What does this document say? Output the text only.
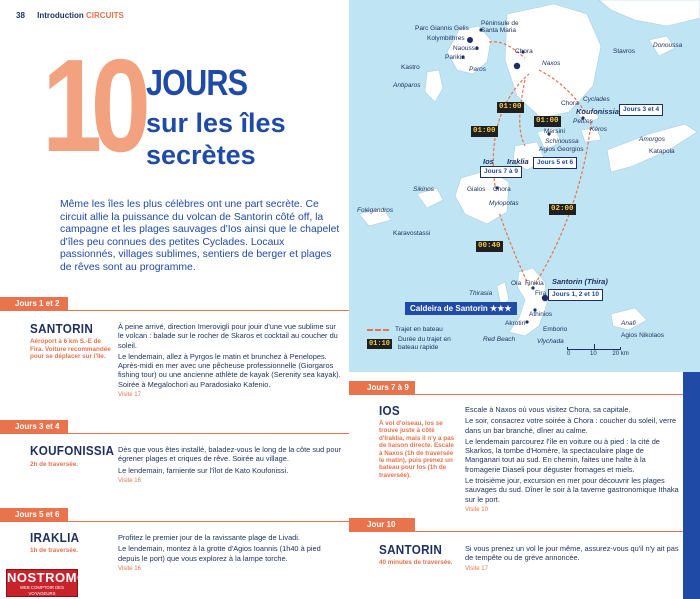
38 Introduction CIRCUITS
10 JOURS
sur les îles
secrètes

Même les îles les plus célèbres ont une part secrète. Ce circuit allie la puissance du volcan de Santorin côté off, la campagne et les plages sauvages d'Ios ainsi que le chapelet d'îles peu connues des petites Cyclades. Locaux passionnés, villages sublimes, sentiers de berger et plages de rêves sont au programme.

Jours 1 et 2
SANTORIN
Aéroport à 6 km S.-E de Fira. Voiture recommandée pour se déplacer sur l'île.

À peine arrivé, direction Imerovigli pour jouir d'une vue sublime sur le volcan : balade sur le rocher de Skaros et cocktail au coucher du soleil.

Le lendemain, allez à Pyrgos le matin et brunchez à Penelopes. Après-midi en mer avec une pêcheuse professionnelle (Giorgaros fishing tour) ou une ancienne athlète de kayak (Serenity sea kayak). Soirée à Megalochori au Paradosiako Kafenio.

Visite 17
Jours 3 et 4
KOUFONISSIA
2h de traversée.

Dès que vous êtes installé, baladez-vous le long de la côte sud pour égrener plages et criques de rêve. Soirée au village.

Le lendemain, farniente sur l'îlot de Kato Koufonissi.

Visite 16
Jours 5 et 6
IRAKLIA
1h de traversée.

Profitez le premier jour de la ravissante plage de Livadi.

Le lendemain, montez à la grotte d'Agios Ioannis (1h40 à pied depuis le port) que vous explorez à la lampe torche.

Visite 16
NOSTROMO
WEB COMPTOIR DES VOYAGEURS
01:00
01:00
01:00
02:00
00:40
Jours 3 et 4
Jours 5 et 6
Jours 7 à 9
Jours 1, 2 et 10
Parc Giannis Gelis
Péninsule de Santa Maria
Kolymbithres
Naoussa
Parikia
Paros
Kastro
Antiparos
Chora
Naxos
Stavros
Donoussa
Chora
Koufonissia
Petites
Cyclades
Kéros
Mersini
Schinoussa
Agios Georgios
Iraklia
Amorgos
Katapola
Ios
Gialos Chora
Mylopotas
Sikinos
Folégandros
Karavostassi
Oia Finikia
Fira
Santorin (Thira)
Thirasia
Athinios
Akrotiri
Red Beach
Emborio
Vlychada
Anafi
Agios Nikolaos
Caldeira de Santorin ★★★
Trajet en bateau
01:10	Durée du trajet en bateau rapide
0	10	20 km
Jours 7 à 9
IOS
À vol d'oiseau, los se trouve juste à côté d'Iraklia, mais il n'y a pas de liaison directe. Escale à Naxos (1h de traversée le matin), puis prenez un bateau pour Ios (1h de traversée).

Escale à Naxos où vous visitez Chora, sa capitale.

Le soir, consacrez votre soirée à Chora : coucher du soleil, verre dans un bar branché, dîner au calme.

Le lendemain parcourez l'île en voiture ou à pied : la cité de Skarkos, la tombe d'Homère, la spectaculaire plage de Manganari tout au sud. En chemin, faites une halte à la fromagerie Diaseli pour déguster fromages et miels.

Le troisième jour, excursion en mer pour découvrir les plages sauvages du sud. Dîner le soir à la taverne gastronomique Ithaka sur le port.

Visite 10
Jour 10
SANTORIN
40 minutes de traversée.

Si vous prenez un vol le jour même, assurez-vous qu'il n'y ait pas de tempête ou de grève annoncée.

Visite 17
